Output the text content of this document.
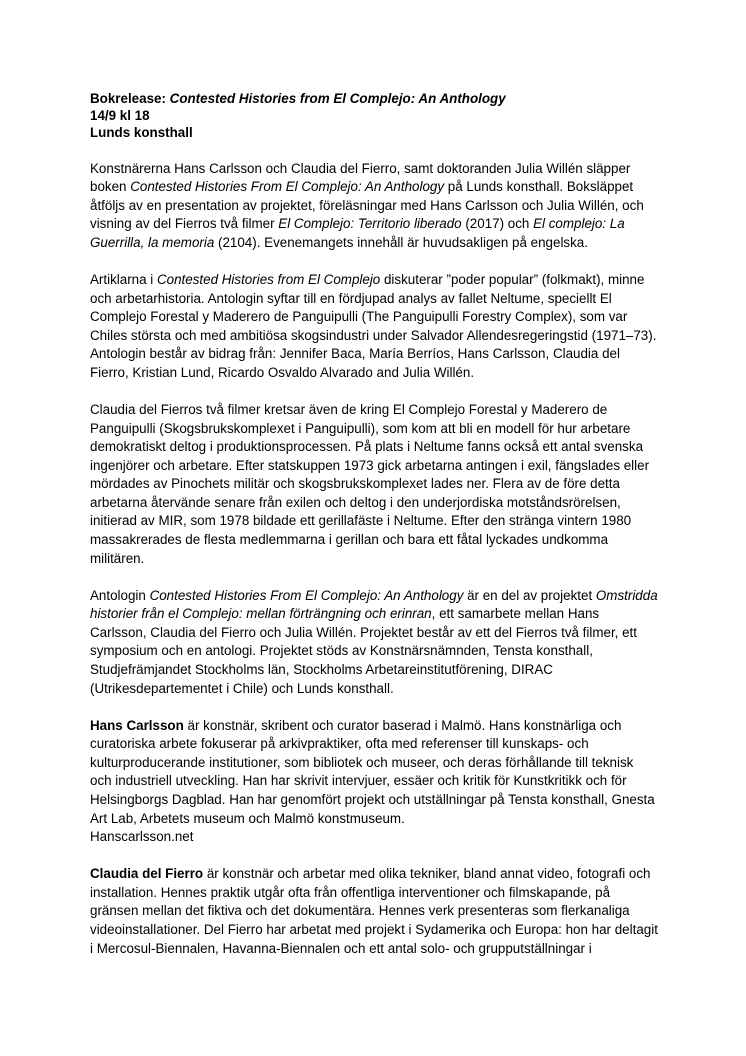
Bokrelease: Contested Histories from El Complejo: An Anthology
14/9 kl 18
Lunds konsthall

Konstnärerna Hans Carlsson och Claudia del Fierro, samt doktoranden Julia Willén släpper boken Contested Histories From El Complejo: An Anthology på Lunds konsthall. Boksläppet åtföljs av en presentation av projektet, föreläsningar med Hans Carlsson och Julia Willén, och visning av del Fierros två filmer El Complejo: Territorio liberado (2017) och El complejo: La Guerrilla, la memoria (2104). Evenemangets innehåll är huvudsakligen på engelska.

Artiklarna i Contested Histories from El Complejo diskuterar ”poder popular” (folkmakt), minne och arbetarhistoria. Antologin syftar till en fördjupad analys av fallet Neltume, speciellt El Complejo Forestal y Maderero de Panguipulli (The Panguipulli Forestry Complex), som var Chiles största och med ambitiösa skogsindustri under Salvador Allendesregeringstid (1971–73). Antologin består av bidrag från: Jennifer Baca, María Berríos, Hans Carlsson, Claudia del Fierro, Kristian Lund, Ricardo Osvaldo Alvarado and Julia Willén.

Claudia del Fierros två filmer kretsar även de kring El Complejo Forestal y Maderero de Panguipulli (Skogsbrukskomplexet i Panguipulli), som kom att bli en modell för hur arbetare demokratiskt deltog i produktionsprocessen. På plats i Neltume fanns också ett antal svenska ingenjörer och arbetare. Efter statskuppen 1973 gick arbetarna antingen i exil, fängslades eller mördades av Pinochets militär och skogsbrukskomplexet lades ner. Flera av de före detta arbetarna återvände senare från exilen och deltog i den underjordiska motståndsrörelsen, initierad av MIR, som 1978 bildade ett gerillafäste i Neltume. Efter den stränga vintern 1980 massakrerades de flesta medlemmarna i gerillan och bara ett fåtal lyckades undkomma militären.

Antologin Contested Histories From El Complejo: An Anthology är en del av projektet Omstridda historier från el Complejo: mellan förträngning och erinran, ett samarbete mellan Hans Carlsson, Claudia del Fierro och Julia Willén. Projektet består av ett del Fierros två filmer, ett symposium och en antologi. Projektet stöds av Konstnärsnämnden, Tensta konsthall, Studjefrämjandet Stockholms län, Stockholms Arbetareinstitutförening, DIRAC (Utrikesdepartementet i Chile) och Lunds konsthall.

Hans Carlsson är konstnär, skribent och curator baserad i Malmö. Hans konstnärliga och curatoriska arbete fokuserar på arkivpraktiker, ofta med referenser till kunskaps- och kulturproducerande institutioner, som bibliotek och museer, och deras förhållande till teknisk och industriell utveckling. Han har skrivit intervjuer, essäer och kritik för Kunstkritikk och för Helsingborgs Dagblad. Han har genomfört projekt och utställningar på Tensta konsthall, Gnesta Art Lab, Arbetets museum och Malmö konstmuseum.
Hanscarlsson.net

Claudia del Fierro är konstnär och arbetar med olika tekniker, bland annat video, fotografi och installation. Hennes praktik utgår ofta från offentliga interventioner och filmskapande, på gränsen mellan det fiktiva och det dokumentära. Hennes verk presenteras som flerkanaliga videoinstallationer. Del Fierro har arbetat med projekt i Sydamerika och Europa: hon har deltagit i Mercosul-Biennalen, Havanna-Biennalen och ett antal solo- och grupputställningar i
